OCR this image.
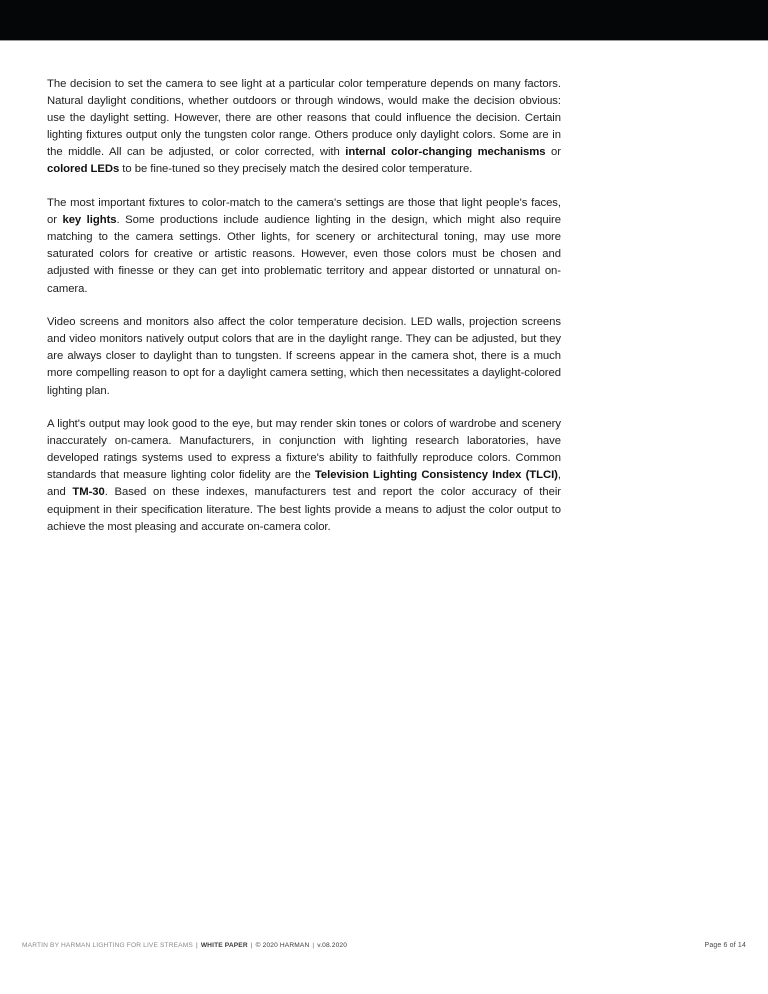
The decision to set the camera to see light at a particular color temperature depends on many factors. Natural daylight conditions, whether outdoors or through windows, would make the decision obvious: use the daylight setting. However, there are other reasons that could influence the decision. Certain lighting fixtures output only the tungsten color range. Others produce only daylight colors. Some are in the middle. All can be adjusted, or color corrected, with internal color-changing mechanisms or colored LEDs to be fine-tuned so they precisely match the desired color temperature.

The most important fixtures to color-match to the camera's settings are those that light people's faces, or key lights. Some productions include audience lighting in the design, which might also require matching to the camera settings. Other lights, for scenery or architectural toning, may use more saturated colors for creative or artistic reasons. However, even those colors must be chosen and adjusted with finesse or they can get into problematic territory and appear distorted or unnatural on-camera.

Video screens and monitors also affect the color temperature decision. LED walls, projection screens and video monitors natively output colors that are in the daylight range. They can be adjusted, but they are always closer to daylight than to tungsten. If screens appear in the camera shot, there is a much more compelling reason to opt for a daylight camera setting, which then necessitates a daylight-colored lighting plan.

A light's output may look good to the eye, but may render skin tones or colors of wardrobe and scenery inaccurately on-camera. Manufacturers, in conjunction with lighting research laboratories, have developed ratings systems used to express a fixture's ability to faithfully reproduce colors. Common standards that measure lighting color fidelity are the Television Lighting Consistency Index (TLCI), and TM-30. Based on these indexes, manufacturers test and report the color accuracy of their equipment in their specification literature. The best lights provide a means to adjust the color output to achieve the most pleasing and accurate on-camera color.

MARTIN BY HARMAN LIGHTING FOR LIVE STREAMS | WHITE PAPER | © 2020 HARMAN | v.08.2020	Page 6 of 14
